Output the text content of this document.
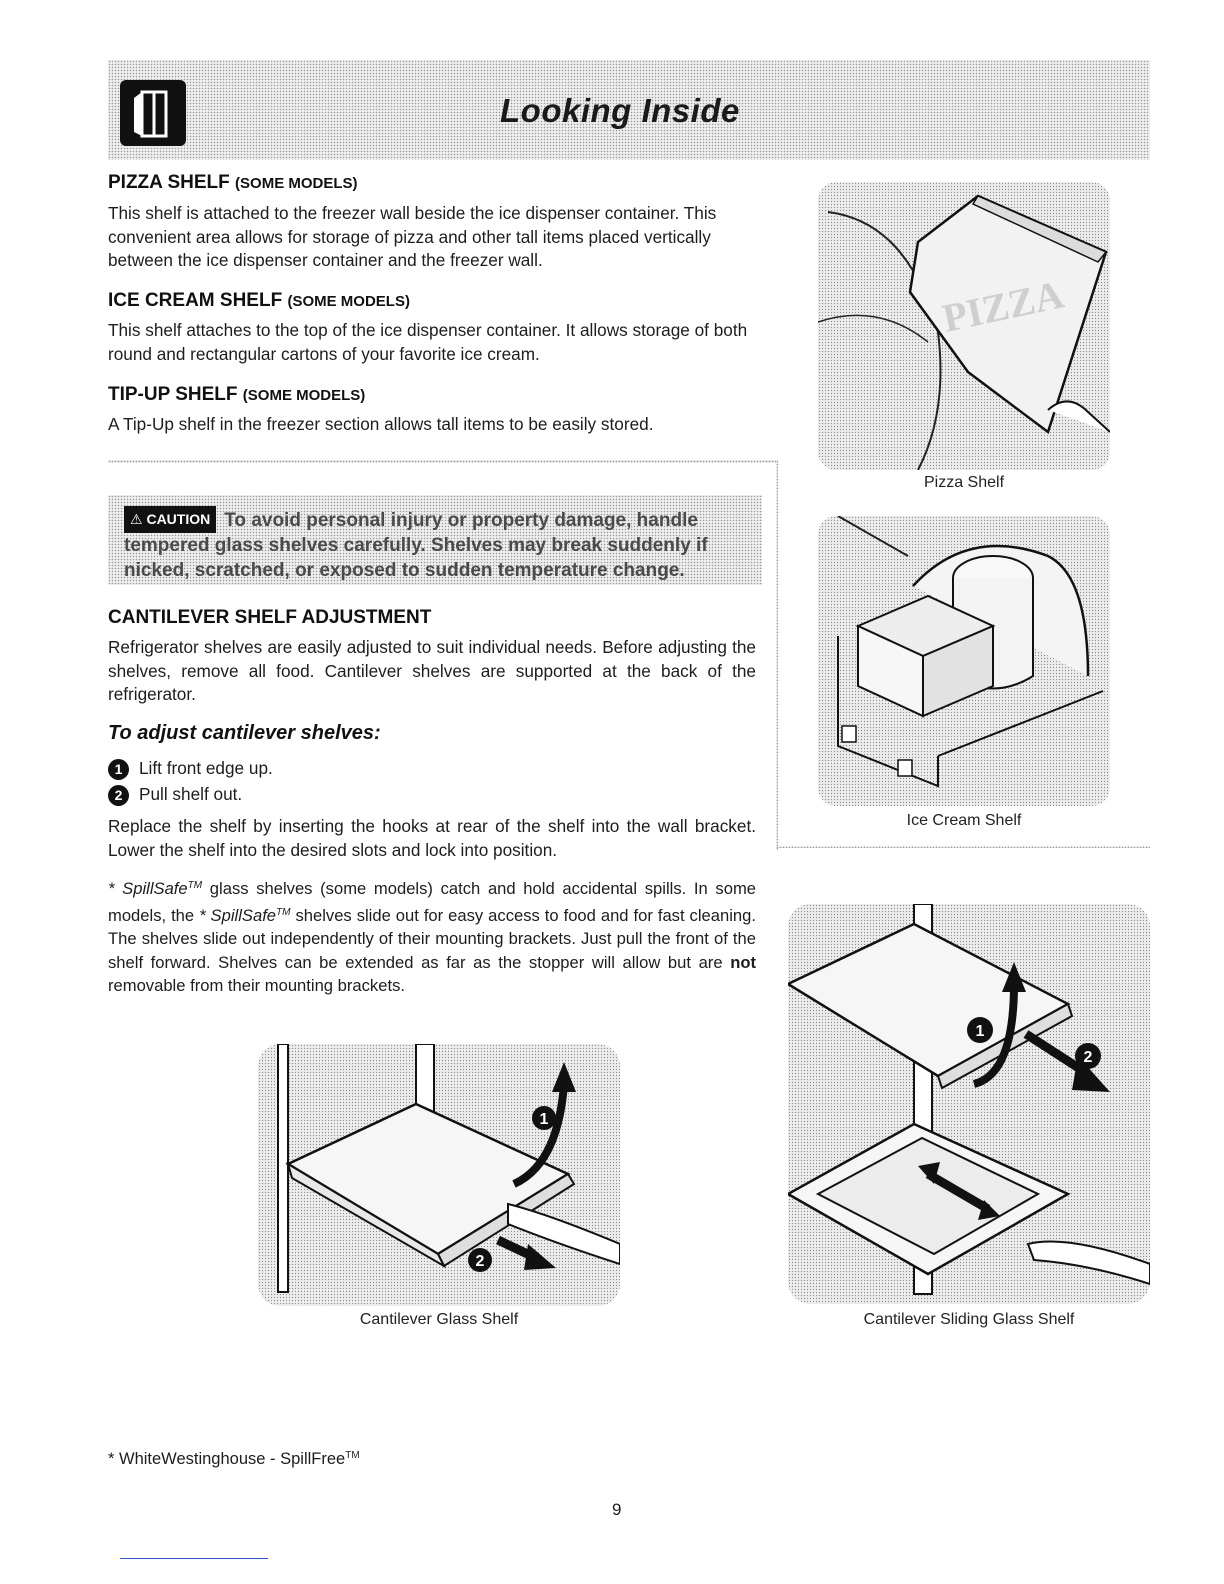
Looking Inside

PIZZA SHELF (SOME MODELS)

This shelf is attached to the freezer wall beside the ice dispenser container. This convenient area allows for storage of pizza and other tall items placed vertically between the ice dispenser container and the freezer wall.

ICE CREAM SHELF (SOME MODELS)

This shelf attaches to the top of the ice dispenser container. It allows storage of both round and rectangular cartons of your favorite ice cream.

TIP-UP SHELF (SOME MODELS)

A Tip-Up shelf in the freezer section allows tall items to be easily stored.

⚠ CAUTION To avoid personal injury or property damage, handle tempered glass shelves carefully. Shelves may break suddenly if nicked, scratched, or exposed to sudden temperature change.

CANTILEVER SHELF ADJUSTMENT

Refrigerator shelves are easily adjusted to suit individual needs. Before adjusting the shelves, remove all food. Cantilever shelves are supported at the back of the refrigerator.

To adjust cantilever shelves:

1 Lift front edge up.
2 Pull shelf out.

Replace the shelf by inserting the hooks at rear of the shelf into the wall bracket. Lower the shelf into the desired slots and lock into position.

* SpillSafe™ glass shelves (some models) catch and hold accidental spills. In some models, the * SpillSafe™ shelves slide out for easy access to food and for fast cleaning. The shelves slide out independently of their mounting brackets. Just pull the front of the shelf forward. Shelves can be extended as far as the stopper will allow but are not removable from their mounting brackets.

PIZZA
Pizza Shelf
Ice Cream Shelf
1
2
Cantilever Glass Shelf
1
2
Cantilever Sliding Glass Shelf
* WhiteWestinghouse - SpillFree™
9
